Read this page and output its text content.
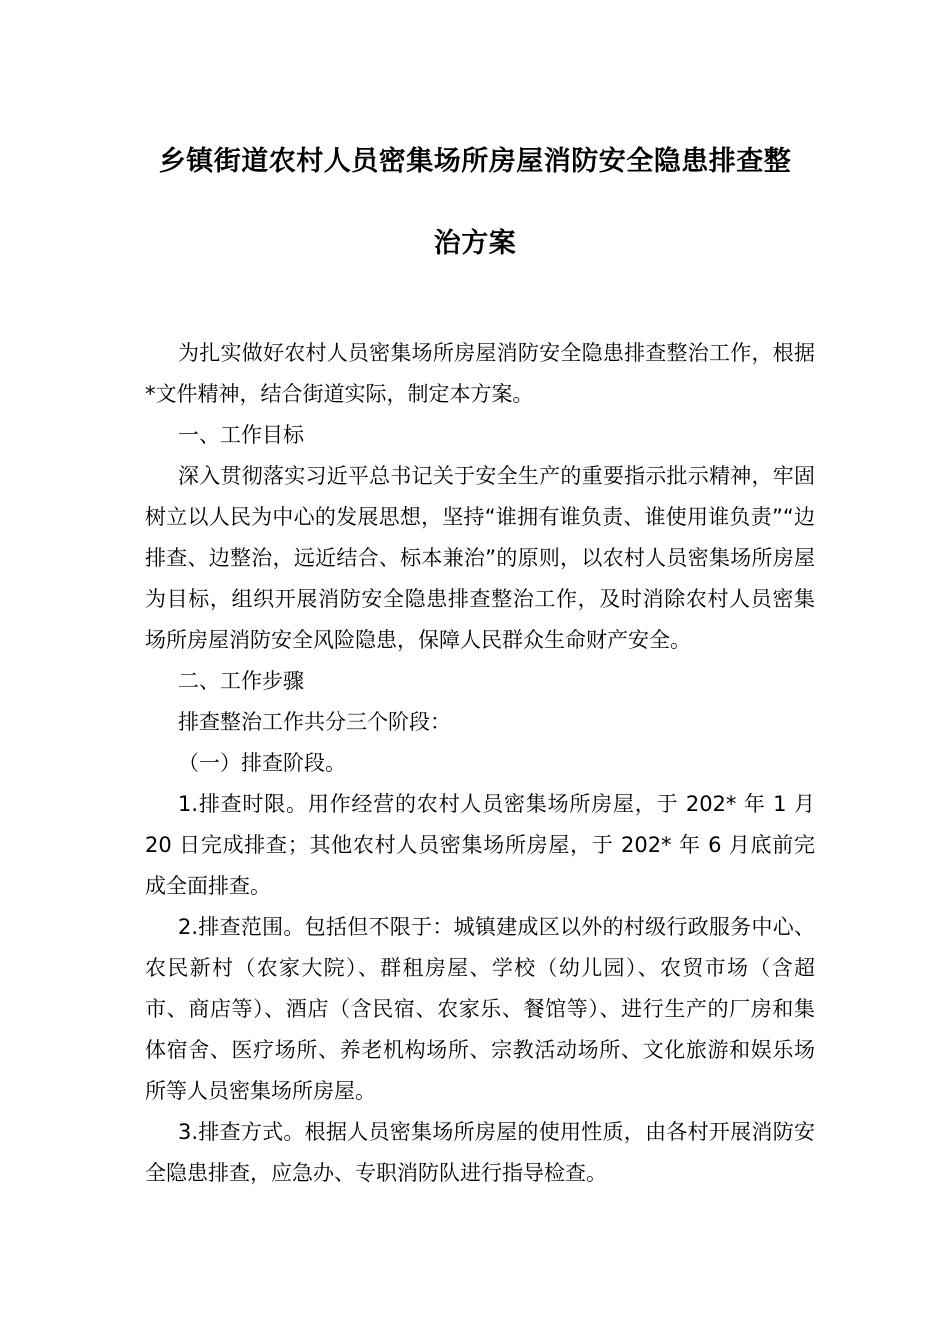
乡镇街道农村人员密集场所房屋消防安全隐患排查整
治方案

为扎实做好农村人员密集场所房屋消防安全隐患排查整治工作，根据*文件精神，结合街道实际，制定本方案。

一、工作目标

深入贯彻落实习近平总书记关于安全生产的重要指示批示精神，牢固树立以人民为中心的发展思想，坚持“谁拥有谁负责、谁使用谁负责”“边排查、边整治，远近结合、标本兼治”的原则，以农村人员密集场所房屋为目标，组织开展消防安全隐患排查整治工作，及时消除农村人员密集场所房屋消防安全风险隐患，保障人民群众生命财产安全。

二、工作步骤

排查整治工作共分三个阶段：

（一）排查阶段。

1.排查时限。用作经营的农村人员密集场所房屋，于 202* 年 1 月 20 日完成排查；其他农村人员密集场所房屋，于 202* 年 6 月底前完成全面排查。

2.排查范围。包括但不限于：城镇建成区以外的村级行政服务中心、农民新村（农家大院）、群租房屋、学校（幼儿园）、农贸市场（含超市、商店等）、酒店（含民宿、农家乐、餐馆等）、进行生产的厂房和集体宿舍、医疗场所、养老机构场所、宗教活动场所、文化旅游和娱乐场所等人员密集场所房屋。

3.排查方式。根据人员密集场所房屋的使用性质，由各村开展消防安全隐患排查，应急办、专职消防队进行指导检查。
